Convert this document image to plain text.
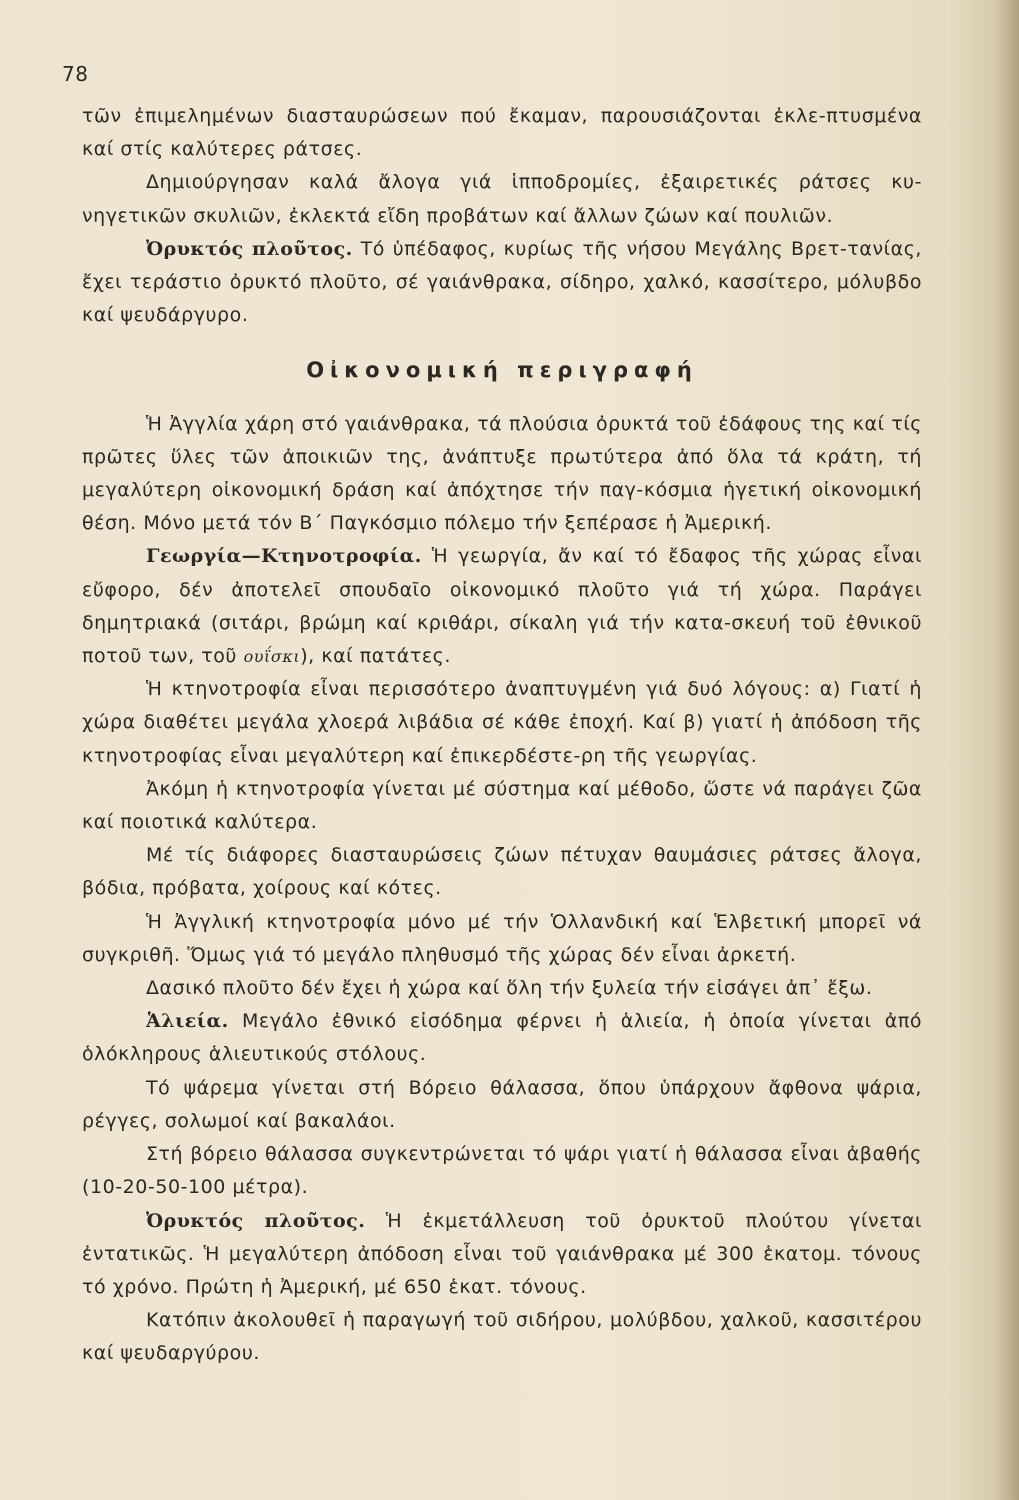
78

τῶν ἐπιμελημένων διασταυρώσεων πού ἔκαμαν, παρουσιάζονται ἐκλε-πτυσμένα καί στίς καλύτερες ράτσες.

Δημιούργησαν καλά ἄλογα γιά ἱπποδρομίες, ἐξαιρετικές ράτσες κυ-νηγετικῶν σκυλιῶν, ἐκλεκτά εἴδη προβάτων καί ἄλλων ζώων καί πουλιῶν.

Ὀρυκτός πλοῦτος. Τό ὑπέδαφος, κυρίως τῆς νήσου Μεγάλης Βρετ-τανίας, ἔχει τεράστιο ὀρυκτό πλοῦτο, σέ γαιάνθρακα, σίδηρο, χαλκό, κασσίτερο, μόλυβδο καί ψευδάργυρο.

Οἰκονομική περιγραφή

Ἡ Ἀγγλία χάρη στό γαιάνθρακα, τά πλούσια ὀρυκτά τοῦ ἐδάφους της καί τίς πρῶτες ὕλες τῶν ἀποικιῶν της, ἀνάπτυξε πρωτύτερα ἀπό ὅλα τά κράτη, τή μεγαλύτερη οἰκονομική δράση καί ἀπόχτησε τήν παγ-κόσμια ἡγετική οἰκονομική θέση. Μόνο μετά τόν Β΄ Παγκόσμιο πόλεμο τήν ξεπέρασε ἡ Ἀμερική.

Γεωργία—Κτηνοτροφία. Ἡ γεωργία, ἄν καί τό ἔδαφος τῆς χώρας εἶναι εὔφορο, δέν ἀποτελεῖ σπουδαῖο οἰκονομικό πλοῦτο γιά τή χώρα. Παράγει δημητριακά (σιτάρι, βρώμη καί κριθάρι, σίκαλη γιά τήν κατα-σκευή τοῦ ἐθνικοῦ ποτοῦ των, τοῦ ουΐσκι), καί πατάτες.

Ἡ κτηνοτροφία εἶναι περισσότερο ἀναπτυγμένη γιά δυό λόγους: α) Γιατί ἡ χώρα διαθέτει μεγάλα χλοερά λιβάδια σέ κάθε ἐποχή. Καί β) γιατί ἡ ἀπόδοση τῆς κτηνοτροφίας εἶναι μεγαλύτερη καί ἐπικερδέστε-ρη τῆς γεωργίας.

Ἀκόμη ἡ κτηνοτροφία γίνεται μέ σύστημα καί μέθοδο, ὥστε νά παράγει ζῶα καί ποιοτικά καλύτερα.

Μέ τίς διάφορες διασταυρώσεις ζώων πέτυχαν θαυμάσιες ράτσες ἄλογα, βόδια, πρόβατα, χοίρους καί κότες.

Ἡ Ἀγγλική κτηνοτροφία μόνο μέ τήν Ὁλλανδική καί Ἑλβετική μπορεῖ νά συγκριθῆ. Ὅμως γιά τό μεγάλο πληθυσμό τῆς χώρας δέν εἶναι ἀρκετή.

Δασικό πλοῦτο δέν ἔχει ἡ χώρα καί ὅλη τήν ξυλεία τήν εἰσάγει ἀπ᾽ ἔξω.

Ἁλιεία. Μεγάλο ἐθνικό εἰσόδημα φέρνει ἡ ἁλιεία, ἡ ὁποία γίνεται ἀπό ὁλόκληρους ἁλιευτικούς στόλους.

Τό ψάρεμα γίνεται στή Βόρειο θάλασσα, ὅπου ὑπάρχουν ἄφθονα ψάρια, ρέγγες, σολωμοί καί βακαλάοι.

Στή βόρειο θάλασσα συγκεντρώνεται τό ψάρι γιατί ἡ θάλασσα εἶναι ἀβαθής (10-20-50-100 μέτρα).

Ὀρυκτός πλοῦτος. Ἡ ἐκμετάλλευση τοῦ ὀρυκτοῦ πλούτου γίνεται ἐντατικῶς. Ἡ μεγαλύτερη ἀπόδοση εἶναι τοῦ γαιάνθρακα μέ 300 ἑκατομ. τόνους τό χρόνο. Πρώτη ἡ Ἀμερική, μέ 650 ἑκατ. τόνους.

Κατόπιν ἀκολουθεῖ ἡ παραγωγή τοῦ σιδήρου, μολύβδου, χαλκοῦ, κασσιτέρου καί ψευδαργύρου.
